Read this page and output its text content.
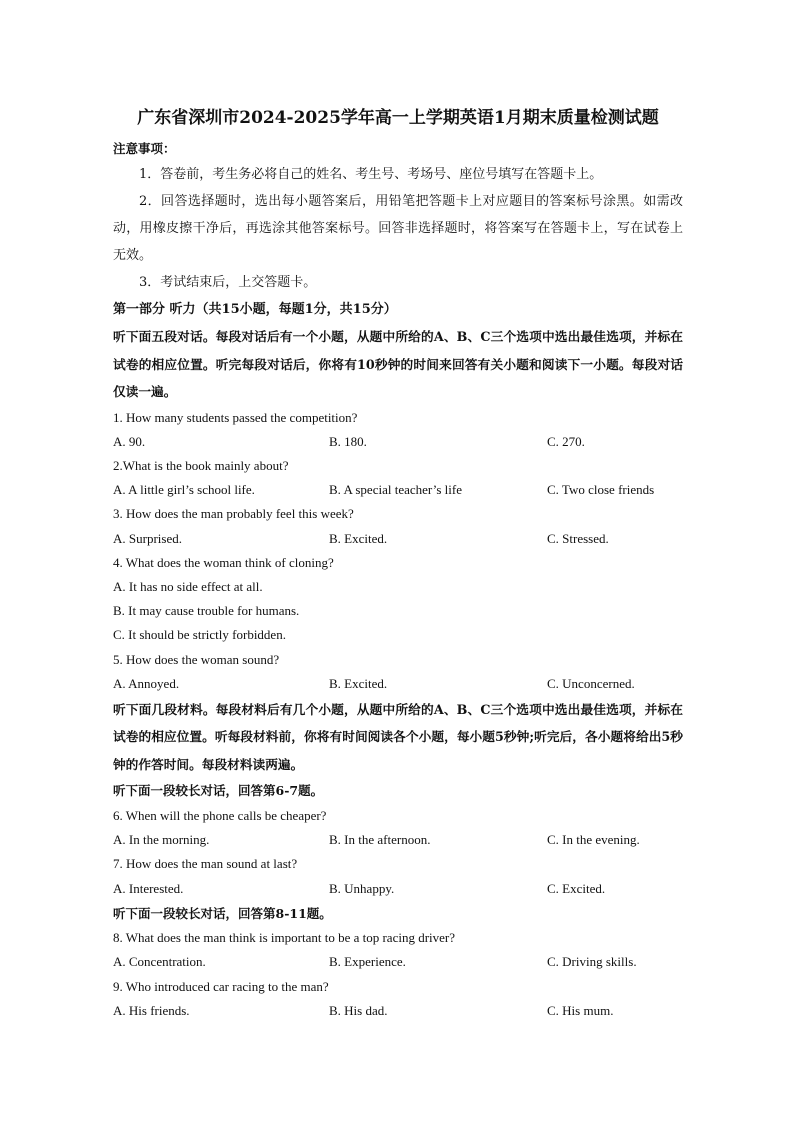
广东省深圳市2024-2025学年高一上学期英语1月期末质量检测试题
注意事项：

1．答卷前，考生务必将自己的姓名、考生号、考场号、座位号填写在答题卡上。

2．回答选择题时，选出每小题答案后，用铅笔把答题卡上对应题目的答案标号涂黑。如需改动，用橡皮擦干净后，再选涂其他答案标号。回答非选择题时，将答案写在答题卡上，写在试卷上无效。

3．考试结束后，上交答题卡。

第一部分 听力（共15小题，每题1分，共15分）

听下面五段对话。每段对话后有一个小题，从题中所给的A、B、C三个选项中选出最佳选项，并标在试卷的相应位置。听完每段对话后，你将有10秒钟的时间来回答有关小题和阅读下一小题。每段对话仅读一遍。

1. How many students passed the competition?
A. 90.	B. 180.	C. 270.
2.What is the book mainly about?
A. A little girl’s school life.	B. A special teacher’s life	C. Two close friends
3. How does the man probably feel this week?
A. Surprised.	B. Excited.	C. Stressed.
4. What does the woman think of cloning?
A. It has no side effect at all.
B. It may cause trouble for humans.
C. It should be strictly forbidden.
5. How does the woman sound?
A. Annoyed.	B. Excited.	C. Unconcerned.

听下面几段材料。每段材料后有几个小题，从题中所给的A、B、C三个选项中选出最佳选项，并标在试卷的相应位置。听每段材料前，你将有时间阅读各个小题，每小题5秒钟;听完后，各小题将给出5秒钟的作答时间。每段材料读两遍。

听下面一段较长对话，回答第6-7题。
6. When will the phone calls be cheaper?
A. In the morning.	B. In the afternoon.	C. In the evening.
7. How does the man sound at last?
A. Interested.	B. Unhappy.	C. Excited.
听下面一段较长对话，回答第8-11题。
8. What does the man think is important to be a top racing driver?
A. Concentration.	B. Experience.	C. Driving skills.
9. Who introduced car racing to the man?
A. His friends.	B. His dad.	C. His mum.
